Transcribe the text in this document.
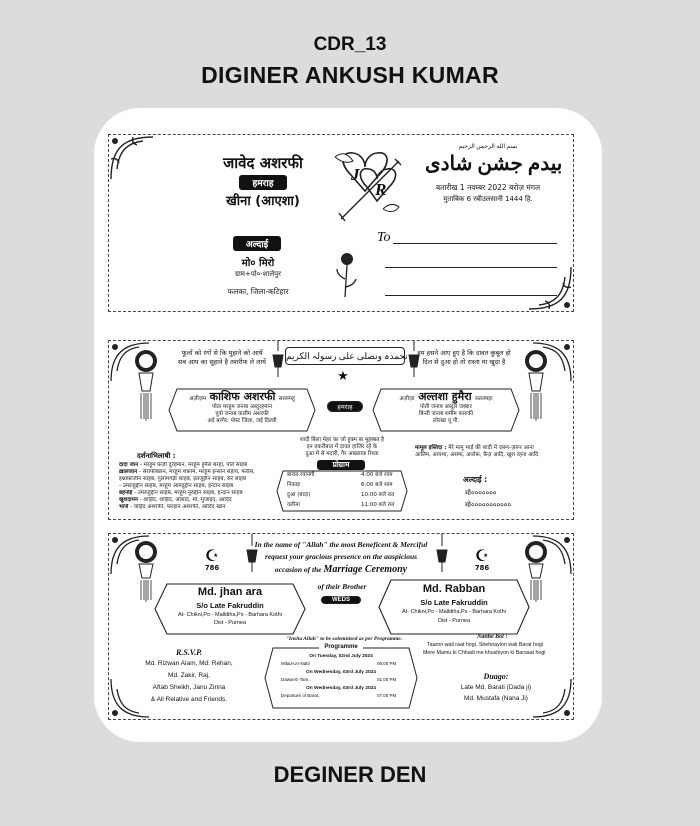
CDR_13
DIGINER ANKUSH KUMAR
DEGINER DEN
जावेद अशरफी
हमराह
खीना (आएशा)
J
R
بسم الله الرحمن الرحيم
بیدم جشن شادی
बतारीख 1 नवम्बर 2022 बरोज़ मंगल
मुताबिक 6 रबीउलसानी 1444 हि.
अल्दाई
मो० मिरो
ग्राम+पो०-शालेपुर
फलका, जिला-कटिहार
To
फूलों को रंगों से कि मुहाने को आयें
सब आप का सुहाने है तशरीफ ले लायें
हम हसने आए हुए है कि दावत कुबूल हो
दिल से दुआ हो तो रास्ता मा खुदा है
نحمدہ ونصلی علی رسولہ الکریم
★
अज़ीज़म काशिफ अशरफी सल्लमहु
पोता मरहूम जनाब अब्दुरहमान
पुत्रो जनाब वालीम अशरफी
अर्द बरगैर: पोस्ट जिला, जई दिल्ली
हमराह
अज़ीज़ा अल्तशा हुमैरा सल्लमहा
पोती जनाब अब्दुल जब्बार
बिन्ती जनाब शमीम फारुकी
लोरखा यू पी.
शादी बिला मेहर का जो हुक्म बा मुहब्बत है
इन तकरीबात में दावत हाजिर रहे के
दुआ में से मदारी, गैर अखलाक रिश्ता
प्रोग्राम
बारात रवानगी	4:00 बजे शाम
निकाह	6:00 बजे शाम
दुआ (बादा)	10:00 बजे रात
वलीमा	11:00 बजे रात
दर्शनाभिलाषी :
दादा जान - मरहूम फ़ज़ी दुर्रहमान, मरहूम हुमैल बरहा, पोते साहब
ख़ालजान - सेराफीबलन, मरहूम शफ़ाम, मरहूम इन्सान सहाय, फरीस,
इश्नाफ़ोजीन साहब, गुलामगढ़ी साहब, इंतजुहीन साहब, सैरे साहब
- उमराहुद्दीन साहब, मरहूम आमदुद्दीन साहब, हन्दान साहब
बहनोई - उमराहुद्दीन साहब, मरहूम नूरुद्दीन साहब, हन्दान साहब
खुशदामन - शाहिद, शाहिद, औसाद, मो. मुजाहद, आदिद
भांजे - वाहिद अशरफी, फरहान अशरफी, आदिद खान
मामूल इस्तिदा : मेरे मामू भाई की शादी में ज़रूर-ज़रूर आना
आलिम, आयशा, असमा, आरोफ़, फ़ैज़ आदि, खुश रहना आदि
अल्दाई :
मो०००००००
मो०००००००००००
☪
786
☪
786
In the name of "Allah" the most Beneficent & Merciful
request your gracious presence on the auspicious
occasion of the Marriage Ceremony
of their Brother
Md. jhan ara
S/o Late Fakruddin
At- Chikni,Po - Malldiha,Ps - Barhara Kothi
Dist - Purnea
WEDS
Md. Rabban
S/o Late Fakruddin
At- Chikni,Po - Malldiha,Ps - Barhara Kothi
Dist - Purnea
"Insha Allah" to be solemnised as per Programme.
Programme
On Tuesday, 02nd July 2024
Milad-Un-Nabi	06:00 PM
On Wednesday, 03rd July 2024
Dawat-E-Tam..	01:00 PM
On Wednesday, 03rd July 2024
Departure of Barat..	07:00 PM
R.S.V.P.
Md. Rizwan Alam, Md. Rehan,
Md. Zakir, Raj,
Aftab Sheikh, Janu Zinna
& All Relative and Friends.
Nanhe Bol :
Taaron wali raat hogi, Shehnayion wali Barat hogi
Mere Mamu ki Chhadi me khushiyon ki Barsaat hogi
Duago:
Late Md. Barati (Dada ji)
Md. Mustafa (Nana Ji)
